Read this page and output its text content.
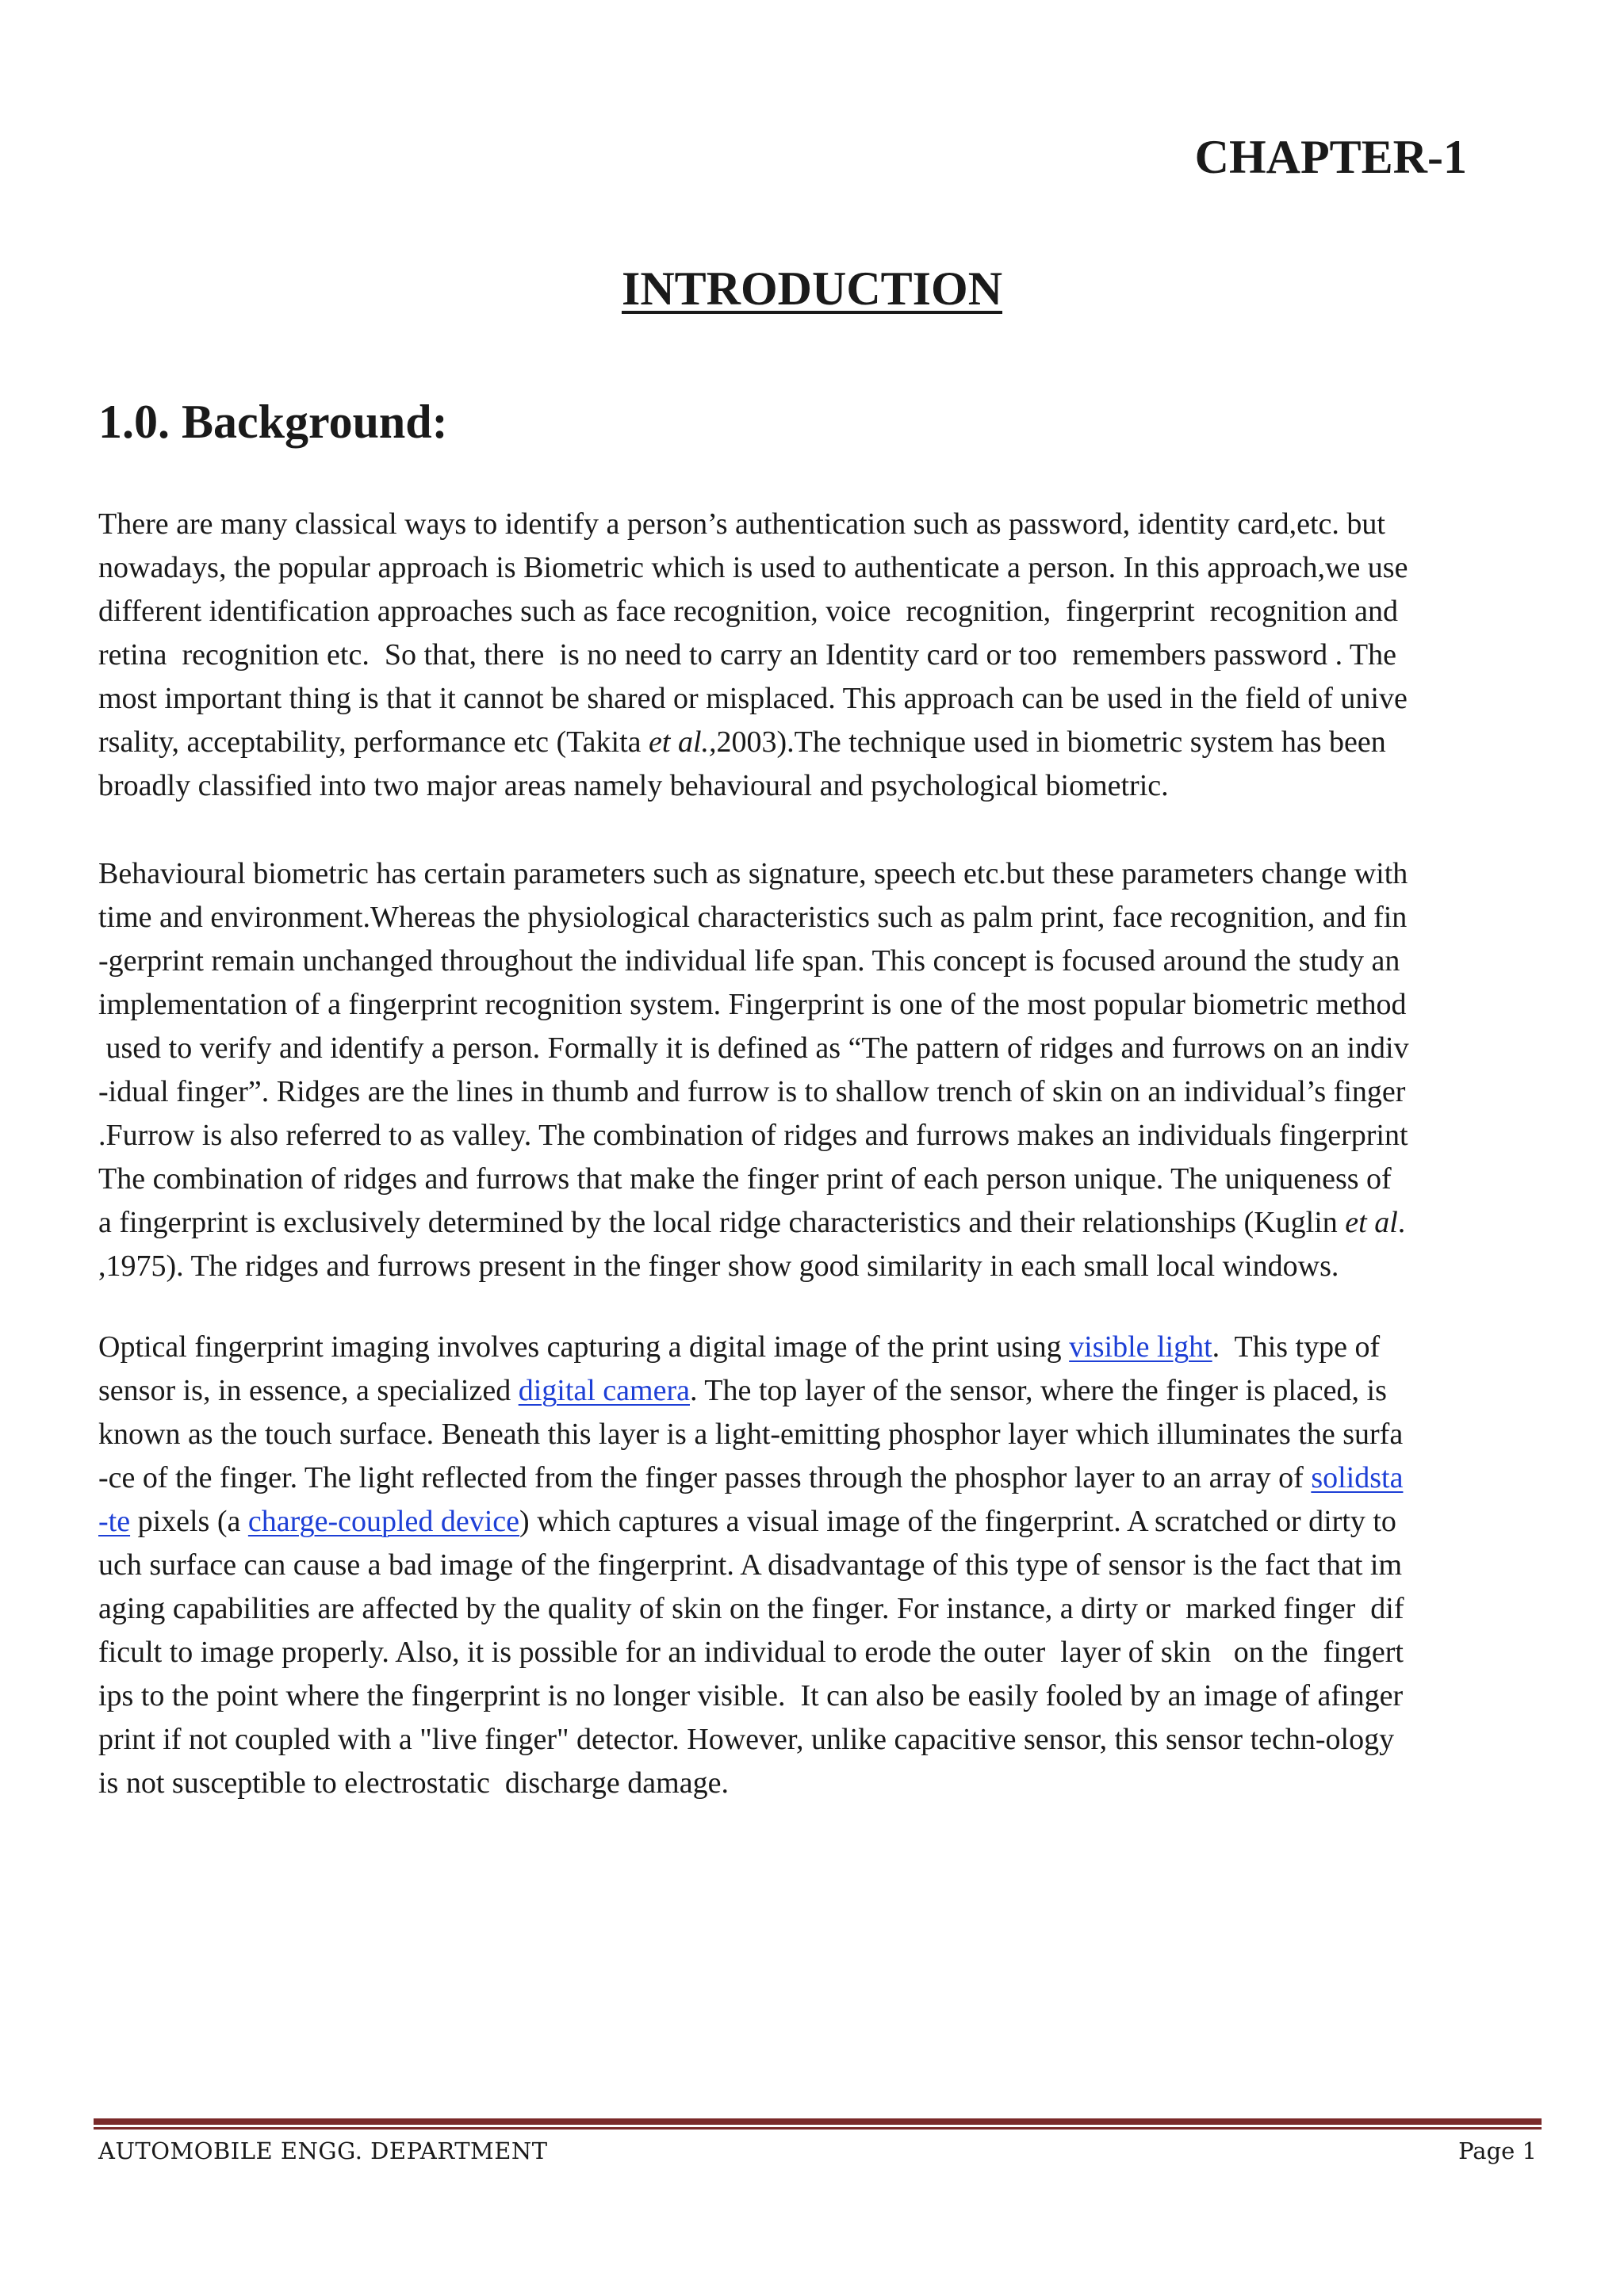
CHAPTER-1
INTRODUCTION
1.0. Background:
There are many classical ways to identify a person’s authentication such as password, identity card,etc. but
nowadays, the popular approach is Biometric which is used to authenticate a person. In this approach,we use
different identification approaches such as face recognition, voice  recognition,  fingerprint  recognition and
retina  recognition etc.  So that, there  is no need to carry an Identity card or too  remembers password . The
most important thing is that it cannot be shared or misplaced. This approach can be used in the field of unive
rsality, acceptability, performance etc (Takita et al.,2003).The technique used in biometric system has been
broadly classified into two major areas namely behavioural and psychological biometric.
Behavioural biometric has certain parameters such as signature, speech etc.but these parameters change with
time and environment.Whereas the physiological characteristics such as palm print, face recognition, and fin
-gerprint remain unchanged throughout the individual life span. This concept is focused around the study an
implementation of a fingerprint recognition system. Fingerprint is one of the most popular biometric method
used to verify and identify a person. Formally it is defined as “The pattern of ridges and furrows on an indiv
-idual finger”. Ridges are the lines in thumb and furrow is to shallow trench of skin on an individual’s finger
.Furrow is also referred to as valley. The combination of ridges and furrows makes an individuals fingerprint
The combination of ridges and furrows that make the finger print of each person unique. The uniqueness of
a fingerprint is exclusively determined by the local ridge characteristics and their relationships (Kuglin et al.
,1975). The ridges and furrows present in the finger show good similarity in each small local windows.
Optical fingerprint imaging involves capturing a digital image of the print using visible light.  This type of
sensor is, in essence, a specialized digital camera. The top layer of the sensor, where the finger is placed, is
known as the touch surface. Beneath this layer is a light-emitting phosphor layer which illuminates the surfa
-ce of the finger. The light reflected from the finger passes through the phosphor layer to an array of solidsta
-te pixels (a charge-coupled device) which captures a visual image of the fingerprint. A scratched or dirty to
uch surface can cause a bad image of the fingerprint. A disadvantage of this type of sensor is the fact that im
aging capabilities are affected by the quality of skin on the finger. For instance, a dirty or  marked finger  dif
ficult to image properly. Also, it is possible for an individual to erode the outer  layer of skin   on the  fingert
ips to the point where the fingerprint is no longer visible.  It can also be easily fooled by an image of afinger
print if not coupled with a "live finger" detector. However, unlike capacitive sensor, this sensor techn-ology
is not susceptible to electrostatic  discharge damage.
AUTOMOBILE ENGG. DEPARTMENT	Page 1
